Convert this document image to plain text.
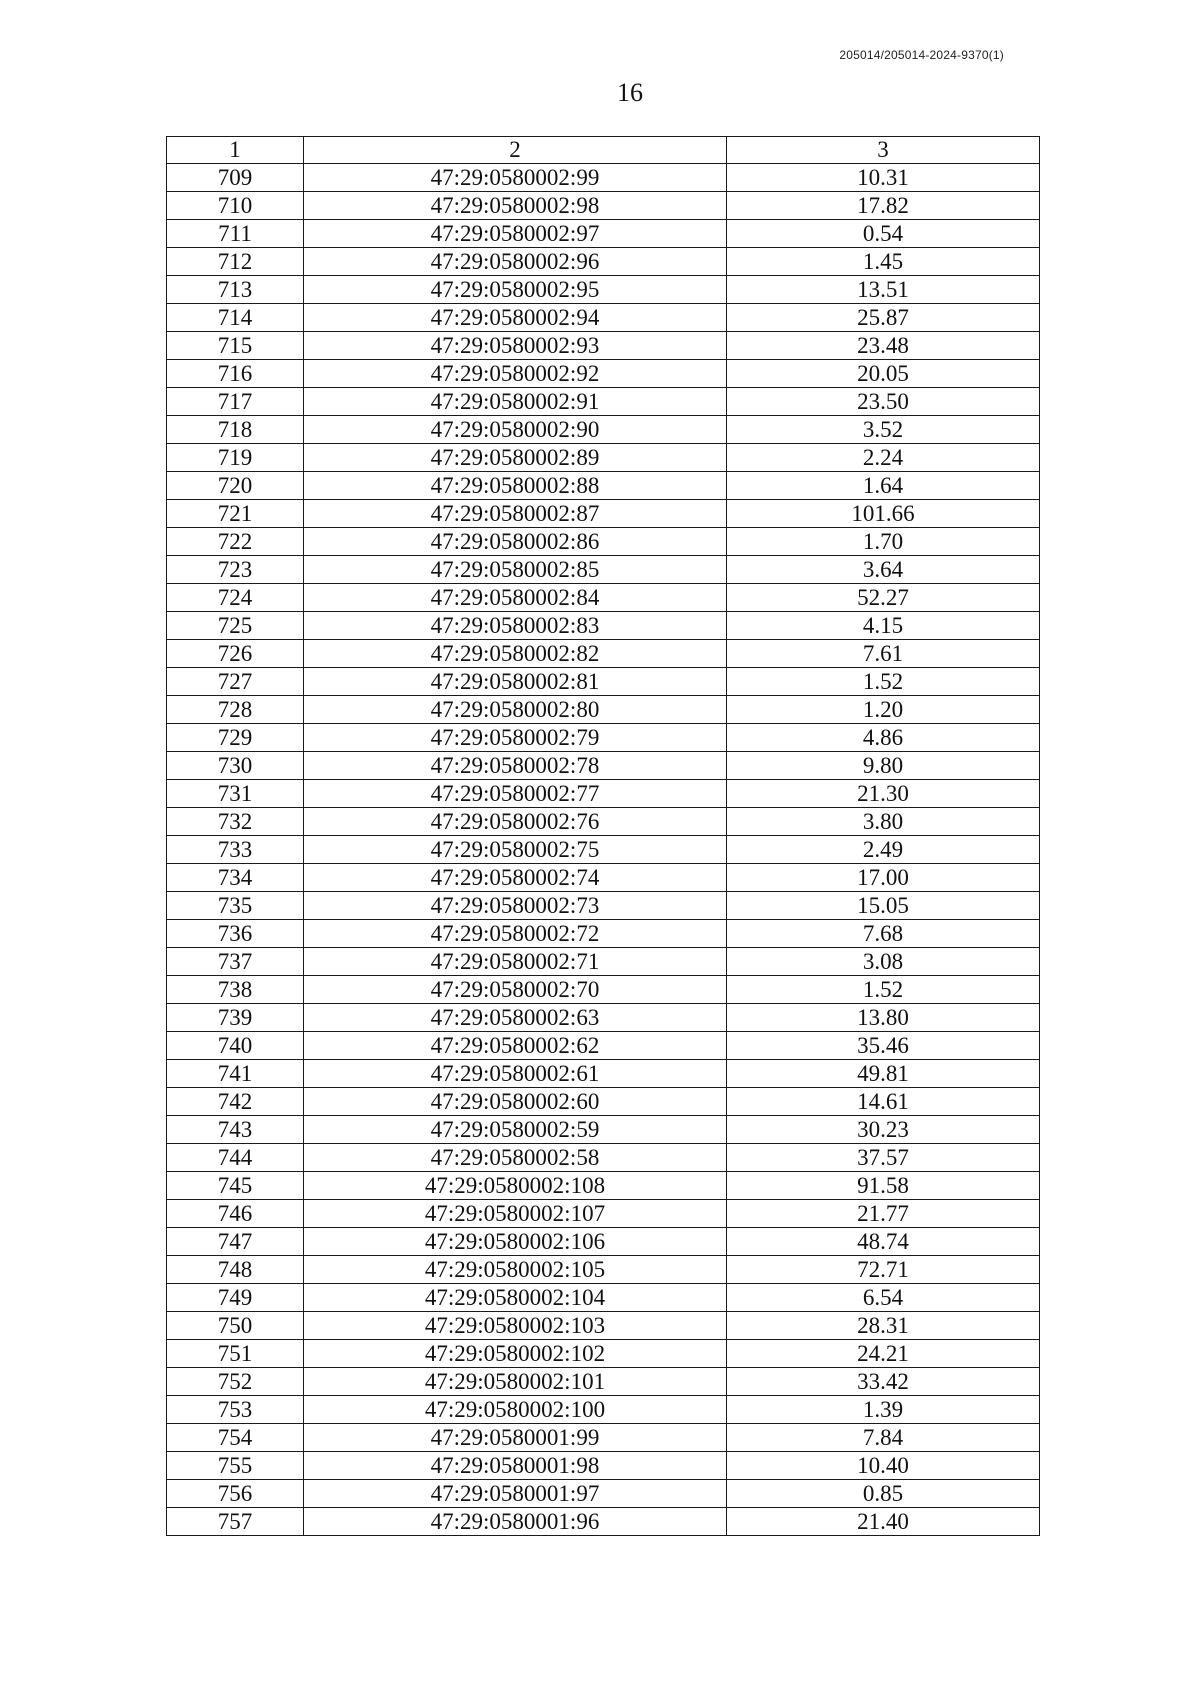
205014/205014-2024-9370(1)
16
1	2	3
709	47:29:0580002:99	10.31
710	47:29:0580002:98	17.82
711	47:29:0580002:97	0.54
712	47:29:0580002:96	1.45
713	47:29:0580002:95	13.51
714	47:29:0580002:94	25.87
715	47:29:0580002:93	23.48
716	47:29:0580002:92	20.05
717	47:29:0580002:91	23.50
718	47:29:0580002:90	3.52
719	47:29:0580002:89	2.24
720	47:29:0580002:88	1.64
721	47:29:0580002:87	101.66
722	47:29:0580002:86	1.70
723	47:29:0580002:85	3.64
724	47:29:0580002:84	52.27
725	47:29:0580002:83	4.15
726	47:29:0580002:82	7.61
727	47:29:0580002:81	1.52
728	47:29:0580002:80	1.20
729	47:29:0580002:79	4.86
730	47:29:0580002:78	9.80
731	47:29:0580002:77	21.30
732	47:29:0580002:76	3.80
733	47:29:0580002:75	2.49
734	47:29:0580002:74	17.00
735	47:29:0580002:73	15.05
736	47:29:0580002:72	7.68
737	47:29:0580002:71	3.08
738	47:29:0580002:70	1.52
739	47:29:0580002:63	13.80
740	47:29:0580002:62	35.46
741	47:29:0580002:61	49.81
742	47:29:0580002:60	14.61
743	47:29:0580002:59	30.23
744	47:29:0580002:58	37.57
745	47:29:0580002:108	91.58
746	47:29:0580002:107	21.77
747	47:29:0580002:106	48.74
748	47:29:0580002:105	72.71
749	47:29:0580002:104	6.54
750	47:29:0580002:103	28.31
751	47:29:0580002:102	24.21
752	47:29:0580002:101	33.42
753	47:29:0580002:100	1.39
754	47:29:0580001:99	7.84
755	47:29:0580001:98	10.40
756	47:29:0580001:97	0.85
757	47:29:0580001:96	21.40
